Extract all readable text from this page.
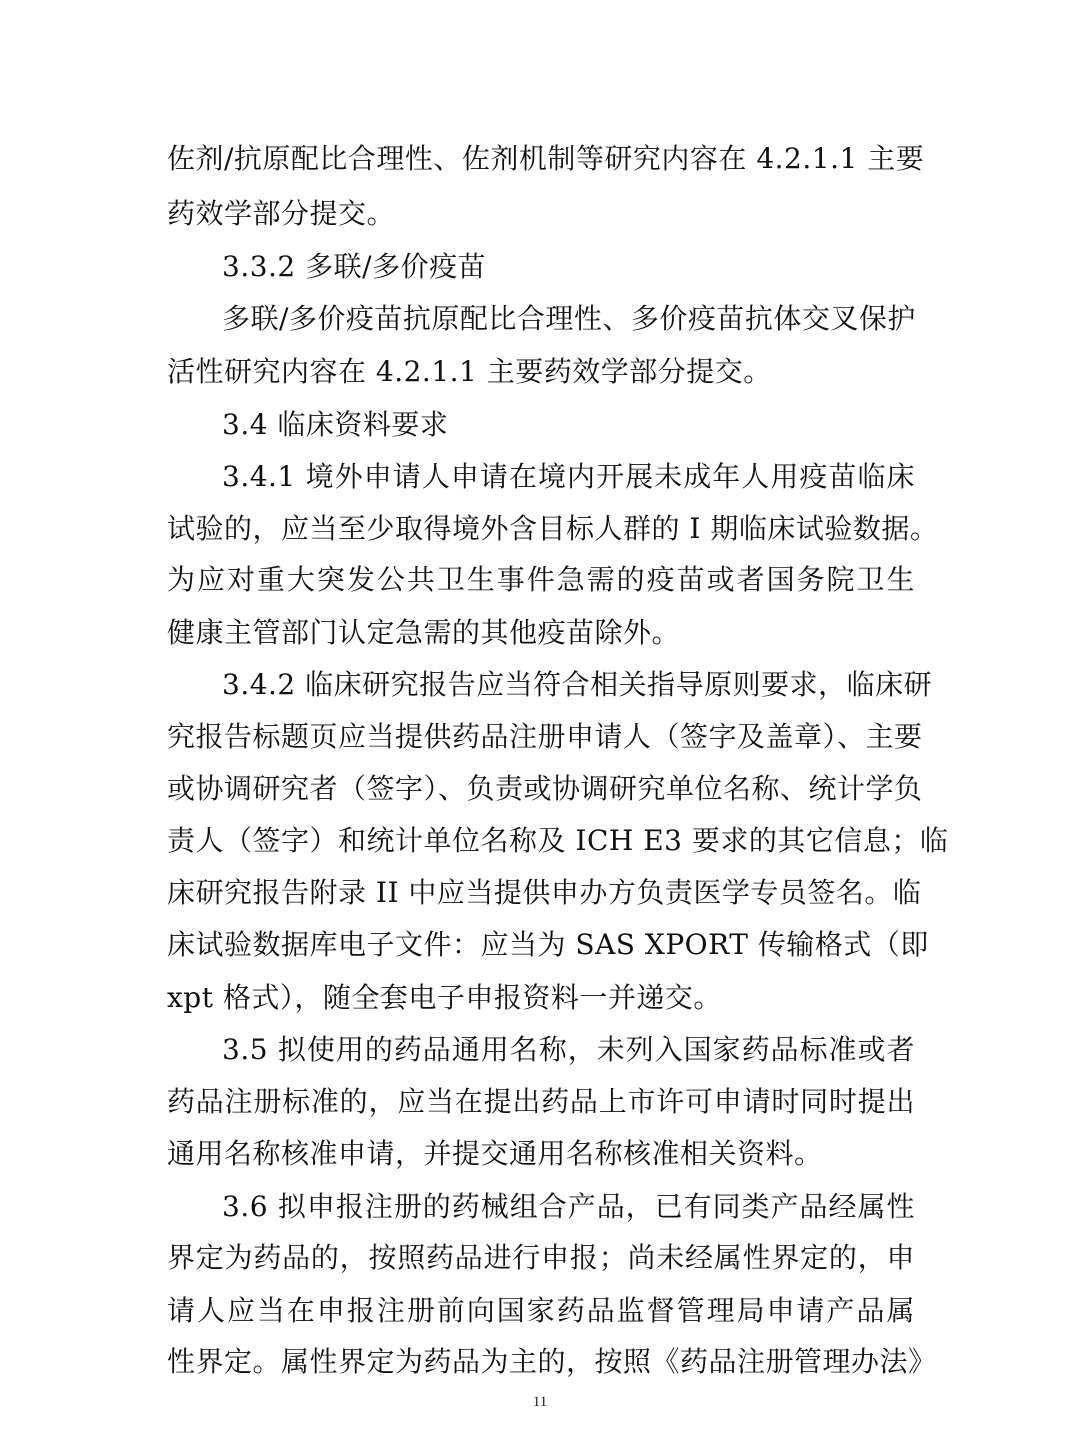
佐剂/抗原配比合理性、佐剂机制等研究内容在 4.2.1.1 主要
药效学部分提交。
3.3.2 多联/多价疫苗
多联/多价疫苗抗原配比合理性、多价疫苗抗体交叉保护
活性研究内容在 4.2.1.1 主要药效学部分提交。
3.4 临床资料要求
3.4.1 境外申请人申请在境内开展未成年人用疫苗临床
试验的，应当至少取得境外含目标人群的 I 期临床试验数据。
为应对重大突发公共卫生事件急需的疫苗或者国务院卫生
健康主管部门认定急需的其他疫苗除外。
3.4.2 临床研究报告应当符合相关指导原则要求，临床研
究报告标题页应当提供药品注册申请人（签字及盖章）、主要
或协调研究者（签字）、负责或协调研究单位名称、统计学负
责人（签字）和统计单位名称及 ICH E3 要求的其它信息；临
床研究报告附录 II 中应当提供申办方负责医学专员签名。临
床试验数据库电子文件：应当为 SAS XPORT 传输格式（即
xpt 格式），随全套电子申报资料一并递交。
3.5 拟使用的药品通用名称，未列入国家药品标准或者
药品注册标准的，应当在提出药品上市许可申请时同时提出
通用名称核准申请，并提交通用名称核准相关资料。
3.6 拟申报注册的药械组合产品，已有同类产品经属性
界定为药品的，按照药品进行申报；尚未经属性界定的，申
请人应当在申报注册前向国家药品监督管理局申请产品属
性界定。属性界定为药品为主的，按照《药品注册管理办法》
11
